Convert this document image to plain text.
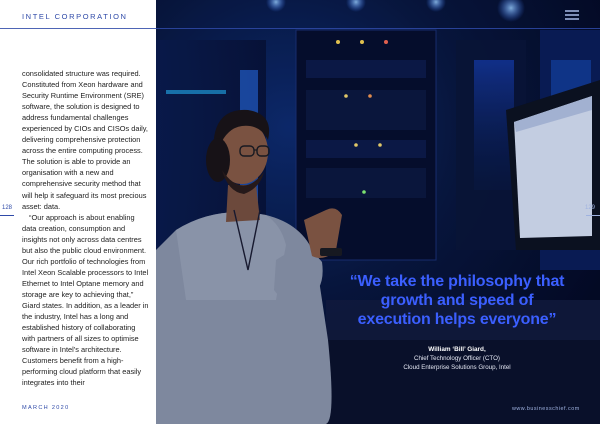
consolidated structure was required. Constituted from Xeon hardware and Security Runtime Environment (SRE) software, the solution is designed to address fundamental challenges experienced by CIOs and CISOs daily, delivering comprehensive protection across the entire computing process. The solution is able to provide an organisation with a new and comprehensive security method that will help it safeguard its most precious asset: data.

“Our approach is about enabling data creation, consumption and insights not only across data centres but also the public cloud environment. Our rich portfolio of technologies from Intel Xeon Scalable processors to Intel Ethernet to Intel Optane memory and storage are key to achieving that,” Giard states. In addition, as a leader in the industry, Intel has a long and established history of collaborating with partners of all sizes to optimise software in Intel’s architecture. Customers benefit from a high-performing cloud platform that easily integrates into their

INTEL CORPORATION
128	129
“We take the philosophy that growth and speed of execution helps everyone”
William ‘Bill’ Giard,
Chief Technology Officer (CTO)
Cloud Enterprise Solutions Group, Intel
MARCH 2020	www.businesschief.com
